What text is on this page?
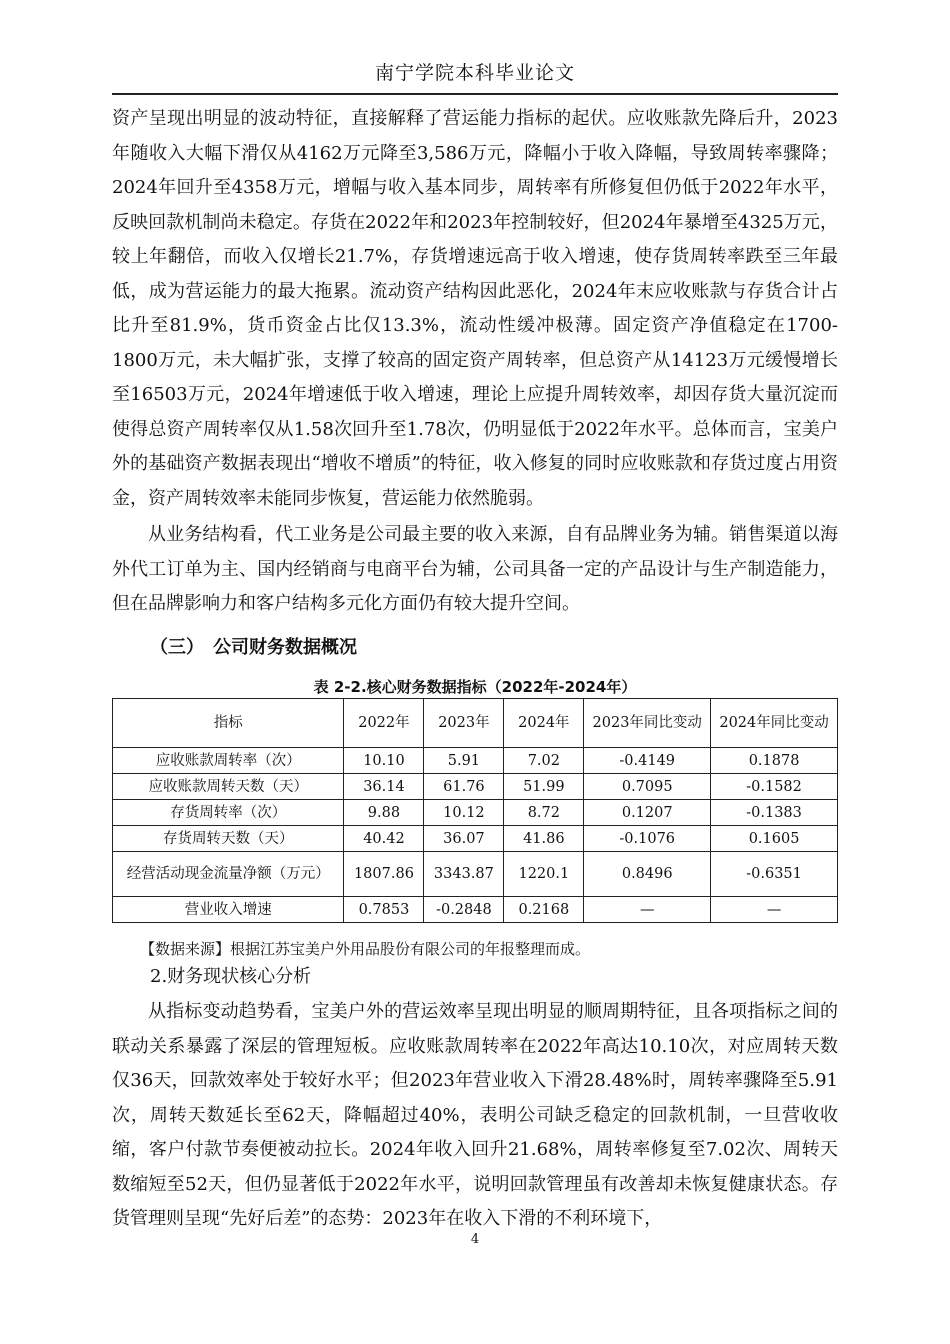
南宁学院本科毕业论文

资产呈现出明显的波动特征，直接解释了营运能力指标的起伏。应收账款先降后升，2023年随收入大幅下滑仅从4162万元降至3,586万元，降幅小于收入降幅，导致周转率骤降；2024年回升至4358万元，增幅与收入基本同步，周转率有所修复但仍低于2022年水平，反映回款机制尚未稳定。存货在2022年和2023年控制较好，但2024年暴增至4325万元，较上年翻倍，而收入仅增长21.7%，存货增速远高于收入增速，使存货周转率跌至三年最低，成为营运能力的最大拖累。流动资产结构因此恶化，2024年末应收账款与存货合计占比升至81.9%，货币资金占比仅13.3%，流动性缓冲极薄。固定资产净值稳定在1700-1800万元，未大幅扩张，支撑了较高的固定资产周转率，但总资产从14123万元缓慢增长至16503万元，2024年增速低于收入增速，理论上应提升周转效率，却因存货大量沉淀而使得总资产周转率仅从1.58次回升至1.78次，仍明显低于2022年水平。总体而言，宝美户外的基础资产数据表现出“增收不增质”的特征，收入修复的同时应收账款和存货过度占用资金，资产周转效率未能同步恢复，营运能力依然脆弱。

从业务结构看，代工业务是公司最主要的收入来源，自有品牌业务为辅。销售渠道以海外代工订单为主、国内经销商与电商平台为辅，公司具备一定的产品设计与生产制造能力，但在品牌影响力和客户结构多元化方面仍有较大提升空间。

（三）　公司财务数据概况
表 2-2.核心财务数据指标（2022年-2024年）
指标	2022年	2023年	2024年	2023年同比变动	2024年同比变动
应收账款周转率（次）	10.10	5.91	7.02	-0.4149	0.1878
应收账款周转天数（天）	36.14	61.76	51.99	0.7095	-0.1582
存货周转率（次）	9.88	10.12	8.72	0.1207	-0.1383
存货周转天数（天）	40.42	36.07	41.86	-0.1076	0.1605
经营活动现金流量净额（万元）	1807.86	3343.87	1220.1	0.8496	-0.6351
营业收入增速	0.7853	-0.2848	0.2168	—	—
【数据来源】根据江苏宝美户外用品股份有限公司的年报整理而成。
2.财务现状核心分析

从指标变动趋势看，宝美户外的营运效率呈现出明显的顺周期特征，且各项指标之间的联动关系暴露了深层的管理短板。应收账款周转率在2022年高达10.10次，对应周转天数仅36天，回款效率处于较好水平；但2023年营业收入下滑28.48%时，周转率骤降至5.91次，周转天数延长至62天，降幅超过40%，表明公司缺乏稳定的回款机制，一旦营收收缩，客户付款节奏便被动拉长。2024年收入回升21.68%，周转率修复至7.02次、周转天数缩短至52天，但仍显著低于2022年水平，说明回款管理虽有改善却未恢复健康状态。存货管理则呈现“先好后差”的态势：2023年在收入下滑的不利环境下，

4
